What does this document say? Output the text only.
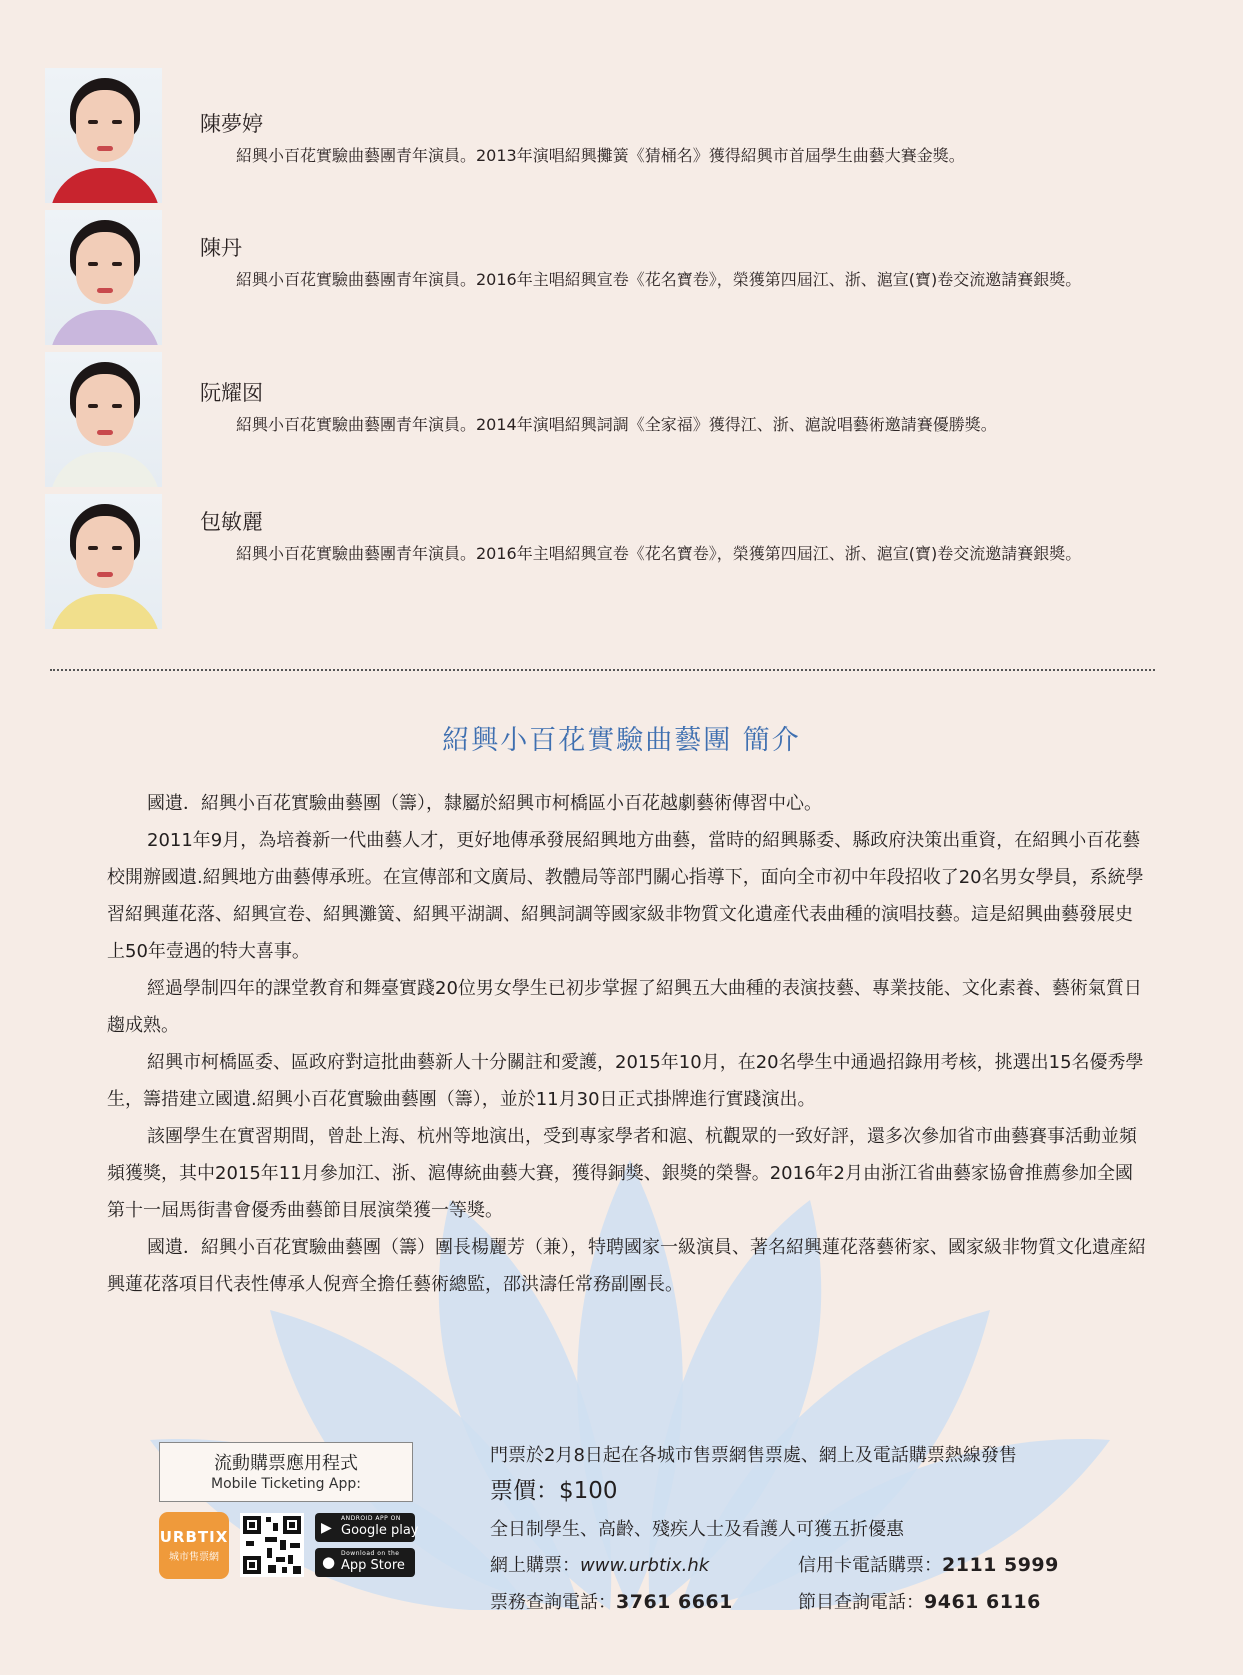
陳夢婷
紹興小百花實驗曲藝團青年演員。2013年演唱紹興攤簧《猜桶名》獲得紹興市首屆學生曲藝大賽金獎。
陳丹
紹興小百花實驗曲藝團青年演員。2016年主唱紹興宣卷《花名寶卷》，榮獲第四屆江、浙、滬宣(寶)卷交流邀請賽銀獎。
阮耀囡
紹興小百花實驗曲藝團青年演員。2014年演唱紹興詞調《全家福》獲得江、浙、滬說唱藝術邀請賽優勝獎。
包敏麗
紹興小百花實驗曲藝團青年演員。2016年主唱紹興宣卷《花名寶卷》，榮獲第四屆江、浙、滬宣(寶)卷交流邀請賽銀獎。
紹興小百花實驗曲藝團 簡介

國遺．紹興小百花實驗曲藝團（籌），隸屬於紹興市柯橋區小百花越劇藝術傳習中心。

2011年9月，為培養新一代曲藝人才，更好地傳承發展紹興地方曲藝，當時的紹興縣委、縣政府決策出重資，在紹興小百花藝校開辦國遺.紹興地方曲藝傳承班。在宣傳部和文廣局、教體局等部門關心指導下，面向全市初中年段招收了20名男女學員，系統學習紹興蓮花落、紹興宣卷、紹興灘簧、紹興平湖調、紹興詞調等國家級非物質文化遺產代表曲種的演唱技藝。這是紹興曲藝發展史上50年壹遇的特大喜事。

經過學制四年的課堂教育和舞臺實踐20位男女學生已初步掌握了紹興五大曲種的表演技藝、專業技能、文化素養、藝術氣質日趨成熟。

紹興市柯橋區委、區政府對這批曲藝新人十分關註和愛護，2015年10月，在20名學生中通過招錄用考核，挑選出15名優秀學生，籌措建立國遺.紹興小百花實驗曲藝團（籌），並於11月30日正式掛牌進行實踐演出。

該團學生在實習期間，曾赴上海、杭州等地演出，受到專家學者和滬、杭觀眾的一致好評，還多次參加省市曲藝賽事活動並頻頻獲獎，其中2015年11月參加江、浙、滬傳統曲藝大賽，獲得銅獎、銀獎的榮譽。2016年2月由浙江省曲藝家協會推薦參加全國第十一屆馬街書會優秀曲藝節目展演榮獲一等獎。

國遺．紹興小百花實驗曲藝團（籌）團長楊麗芳（兼），特聘國家一級演員、著名紹興蓮花落藝術家、國家級非物質文化遺產紹興蓮花落項目代表性傳承人倪齊全擔任藝術總監，邵洪濤任常務副團長。

流動購票應用程式
Mobile Ticketing App:
URBTIX
城市售票網
▶
ANDROID APP ON
Google play
● Download on the
App Store
門票於2月8日起在各城市售票網售票處、網上及電話購票熱線發售
票價：$100
全日制學生、高齡、殘疾人士及看護人可獲五折優惠
網上購票：www.urbtix.hk	信用卡電話購票：2111 5999
票務查詢電話：3761 6661	節目查詢電話：9461 6116
